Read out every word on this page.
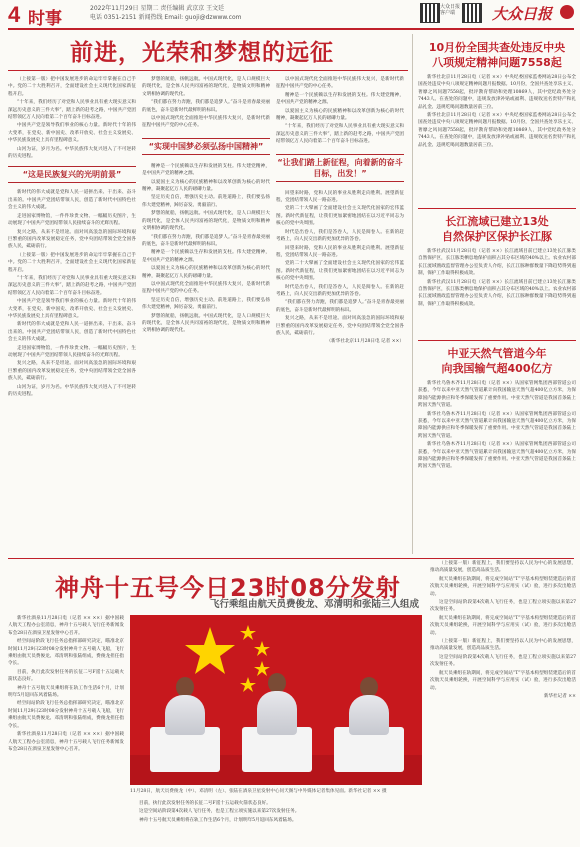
4 时事
2022年11月29日 星期二 责任编辑 武京京 王文廷
电话 0351-2151 新闻热线 Email: guoji@dzwww.com
大众日报 客户端	大众日报
前进，光荣和梦想的远征

（上接第一版）把中国发展进步的命运牢牢掌握在自己手中。党的二十大胜利召开，全面建设社会主义现代化国家新征程开启。

“十年来，我们经历了对党和人民事业具有重大现实意义和深远历史意义的三件大事”，踏上新的赶考之路，中国共产党团结带领亿万人民向着第二个百年奋斗目标奋进。

中国共产党是领导我们事业的核心力量。新时代十年的伟大变革，在党史、新中国史、改革开放史、社会主义发展史、中华民族发展史上具有里程碑意义。

山河为证，岁月为名。中华民族伟大复兴进入了不可逆转的历史进程。

“这是民族复兴的光明前景”

新时代的伟大成就是党和人民一道拼出来、干出来、奋斗出来的。中国共产党团结带领人民，创造了新时代中国特色社会主义的伟大成就。

走进国家博物馆，一件件珍贵文物、一幅幅历史图片，生动展现了中国共产党团结带领人民接续奋斗的光辉历程。

复兴之路，从来不是坦途。面对风高浪急的国际环境和艰巨繁重的国内改革发展稳定任务，党中央团结带领全党全国各族人民，砥砺前行。

（上接第一版）把中国发展进步的命运牢牢掌握在自己手中。党的二十大胜利召开，全面建设社会主义现代化国家新征程开启。

“十年来，我们经历了对党和人民事业具有重大现实意义和深远历史意义的三件大事”，踏上新的赶考之路，中国共产党团结带领亿万人民向着第二个百年奋斗目标奋进。

中国共产党是领导我们事业的核心力量。新时代十年的伟大变革，在党史、新中国史、改革开放史、社会主义发展史、中华民族发展史上具有里程碑意义。

新时代的伟大成就是党和人民一道拼出来、干出来、奋斗出来的。中国共产党团结带领人民，创造了新时代中国特色社会主义的伟大成就。

走进国家博物馆，一件件珍贵文物、一幅幅历史图片，生动展现了中国共产党团结带领人民接续奋斗的光辉历程。

复兴之路，从来不是坦途。面对风高浪急的国际环境和艰巨繁重的国内改革发展稳定任务，党中央团结带领全党全国各族人民，砥砺前行。

山河为证，岁月为名。中华民族伟大复兴进入了不可逆转的历史进程。

梦想的航船，扬帆远航。中国式现代化，是人口规模巨大的现代化，是全体人民共同富裕的现代化，是物质文明和精神文明相协调的现代化。

“我们都在努力奔跑，我们都是追梦人。”奋斗是青春最亮丽的底色，奋斗是新时代最鲜明的标识。

以中国式现代化全面推进中华民族伟大复兴，是新时代新征程中国共产党的中心任务。

“实现中国梦必须弘扬中国精神”

精神是一个民族赖以生存和发展的支柱。伟大建党精神，是中国共产党的精神之源。

以爱国主义为核心的民族精神和以改革创新为核心的时代精神，凝聚起亿万人民的磅礴力量。

坚定历史自信，增强历史主动。前进道路上，我们要弘扬伟大建党精神，踔厉奋发、勇毅前行。

梦想的航船，扬帆远航。中国式现代化，是人口规模巨大的现代化，是全体人民共同富裕的现代化，是物质文明和精神文明相协调的现代化。

“我们都在努力奔跑，我们都是追梦人。”奋斗是青春最亮丽的底色，奋斗是新时代最鲜明的标识。

精神是一个民族赖以生存和发展的支柱。伟大建党精神，是中国共产党的精神之源。

以爱国主义为核心的民族精神和以改革创新为核心的时代精神，凝聚起亿万人民的磅礴力量。

以中国式现代化全面推进中华民族伟大复兴，是新时代新征程中国共产党的中心任务。

坚定历史自信，增强历史主动。前进道路上，我们要弘扬伟大建党精神，踔厉奋发、勇毅前行。

梦想的航船，扬帆远航。中国式现代化，是人口规模巨大的现代化，是全体人民共同富裕的现代化，是物质文明和精神文明相协调的现代化。

以中国式现代化全面推进中华民族伟大复兴，是新时代新征程中国共产党的中心任务。

精神是一个民族赖以生存和发展的支柱。伟大建党精神，是中国共产党的精神之源。

以爱国主义为核心的民族精神和以改革创新为核心的时代精神，凝聚起亿万人民的磅礴力量。

“十年来，我们经历了对党和人民事业具有重大现实意义和深远历史意义的三件大事”，踏上新的赶考之路，中国共产党团结带领亿万人民向着第二个百年奋斗目标奋进。

“让我们踏上新征程，向着新的奋斗目标，出发！”

回望来时路，党和人民的事业从胜利走向胜利。展望新征程，党团结带领人民一路奋进。

党的二十大擘画了全面建设社会主义现代化国家的宏伟蓝图。新时代新征程，让我们更加紧密地团结在以习近平同志为核心的党中央周围。

时代是出卷人，我们是答卷人，人民是阅卷人。在新的赶考路上，向人民交出新的更加优异的答卷。

回望来时路，党和人民的事业从胜利走向胜利。展望新征程，党团结带领人民一路奋进。

党的二十大擘画了全面建设社会主义现代化国家的宏伟蓝图。新时代新征程，让我们更加紧密地团结在以习近平同志为核心的党中央周围。

时代是出卷人，我们是答卷人，人民是阅卷人。在新的赶考路上，向人民交出新的更加优异的答卷。

“我们都在努力奔跑，我们都是追梦人。”奋斗是青春最亮丽的底色，奋斗是新时代最鲜明的标识。

复兴之路，从来不是坦途。面对风高浪急的国际环境和艰巨繁重的国内改革发展稳定任务，党中央团结带领全党全国各族人民，砥砺前行。

（新华社北京11月28日电 记者 ××）

10月份全国共查处违反中央
八项规定精神问题7558起

新华社北京11月28日电（记者 ××）中央纪委国家监委网站28日公布全国查处违反中央八项规定精神问题月报数据。10月份，全国共查处享乐主义、奢靡之风问题7558起，批评教育帮助和处理10869人，其中党纪政务处分7443人。在查处的问题中，违规发放津补贴或福利、违规收送名贵特产和礼品礼金、违规吃喝问题数量居前三位。

新华社北京11月28日电（记者 ××）中央纪委国家监委网站28日公布全国查处违反中央八项规定精神问题月报数据。10月份，全国共查处享乐主义、奢靡之风问题7558起，批评教育帮助和处理10869人，其中党纪政务处分7443人。在查处的问题中，违规发放津补贴或福利、违规收送名贵特产和礼品礼金、违规吃喝问题数量居前三位。

长江流域已建立13处
自然保护区保护长江豚

新华社武汉11月28日电（记者 ××）长江流域目前已建立13处长江豚类自然保护区，长江豚类栖息地保护面积占其分布区域的40%以上。农业农村部长江流域渔政监督管理办公室负责人介绍，长江江豚种群数量下降趋势得到遏制，保护工作取得积极成效。

新华社武汉11月28日电（记者 ××）长江流域目前已建立13处长江豚类自然保护区，长江豚类栖息地保护面积占其分布区域的40%以上。农业农村部长江流域渔政监督管理办公室负责人介绍，长江江豚种群数量下降趋势得到遏制，保护工作取得积极成效。

中亚天然气管道今年
向我国输气超400亿方

新华社乌鲁木齐11月28日电（记者 ××）从国家管网集团西部管道公司获悉，今年以来中亚天然气管道累计向我国输送天然气超400亿立方米，为保障国内能源供应和冬季保暖发挥了重要作用。中亚天然气管道是我国首条陆上跨国天然气管道。

新华社乌鲁木齐11月28日电（记者 ××）从国家管网集团西部管道公司获悉，今年以来中亚天然气管道累计向我国输送天然气超400亿立方米，为保障国内能源供应和冬季保暖发挥了重要作用。中亚天然气管道是我国首条陆上跨国天然气管道。

新华社乌鲁木齐11月28日电（记者 ××）从国家管网集团西部管道公司获悉，今年以来中亚天然气管道累计向我国输送天然气超400亿立方米，为保障国内能源供应和冬季保暖发挥了重要作用。中亚天然气管道是我国首条陆上跨国天然气管道。

神舟十五号今日23时08分发射
飞行乘组由航天员费俊龙、邓清明和张陆三人组成

新华社酒泉11月28日电（记者 ×× ××）据中国载人航天工程办公室消息，神舟十五号载人飞行任务新闻发布会28日在酒泉卫星发射中心召开。

经空间站阶段飞行任务总指挥部研究决定，瞄准北京时间11月29日23时08分发射神舟十五号载人飞船，飞行乘组由航天员费俊龙、邓清明和张陆组成，费俊龙担任指令长。

目前，执行此次发射任务的长征二号F遥十五运载火箭状态良好。

神舟十五号航天员乘组将在轨工作生活6个月，计划明年5月返回东风着陆场。

经空间站阶段飞行任务总指挥部研究决定，瞄准北京时间11月29日23时08分发射神舟十五号载人飞船，飞行乘组由航天员费俊龙、邓清明和张陆组成，费俊龙担任指令长。

新华社酒泉11月28日电（记者 ×× ××）据中国载人航天工程办公室消息，神舟十五号载人飞行任务新闻发布会28日在酒泉卫星发射中心召开。

11月28日，航天员费俊龙（中）、邓清明（左）、张陆在酒泉卫星发射中心问天阁与中外媒体记者集体见面。新华社记者 ×× 摄

（上接第一版）新征程上，我们要坚持以人民为中心的发展思想，推动高质量发展，创造高品质生活。

航天员乘组在轨期间，将完成空间站“T”字基本构型组装建造后的首次航天员乘组轮换，开展空间科学与应用实（试）验，进行多次出舱活动。

这是空间站阶段第4次载人飞行任务，也是工程立项实施以来第27次发射任务。

航天员乘组在轨期间，将完成空间站“T”字基本构型组装建造后的首次航天员乘组轮换，开展空间科学与应用实（试）验，进行多次出舱活动。

（上接第一版）新征程上，我们要坚持以人民为中心的发展思想，推动高质量发展，创造高品质生活。

这是空间站阶段第4次载人飞行任务，也是工程立项实施以来第27次发射任务。

航天员乘组在轨期间，将完成空间站“T”字基本构型组装建造后的首次航天员乘组轮换，开展空间科学与应用实（试）验，进行多次出舱活动。

新华社记者 ××

目前，执行此次发射任务的长征二号F遥十五运载火箭状态良好。

这是空间站阶段第4次载人飞行任务，也是工程立项实施以来第27次发射任务。

神舟十五号航天员乘组将在轨工作生活6个月，计划明年5月返回东风着陆场。
